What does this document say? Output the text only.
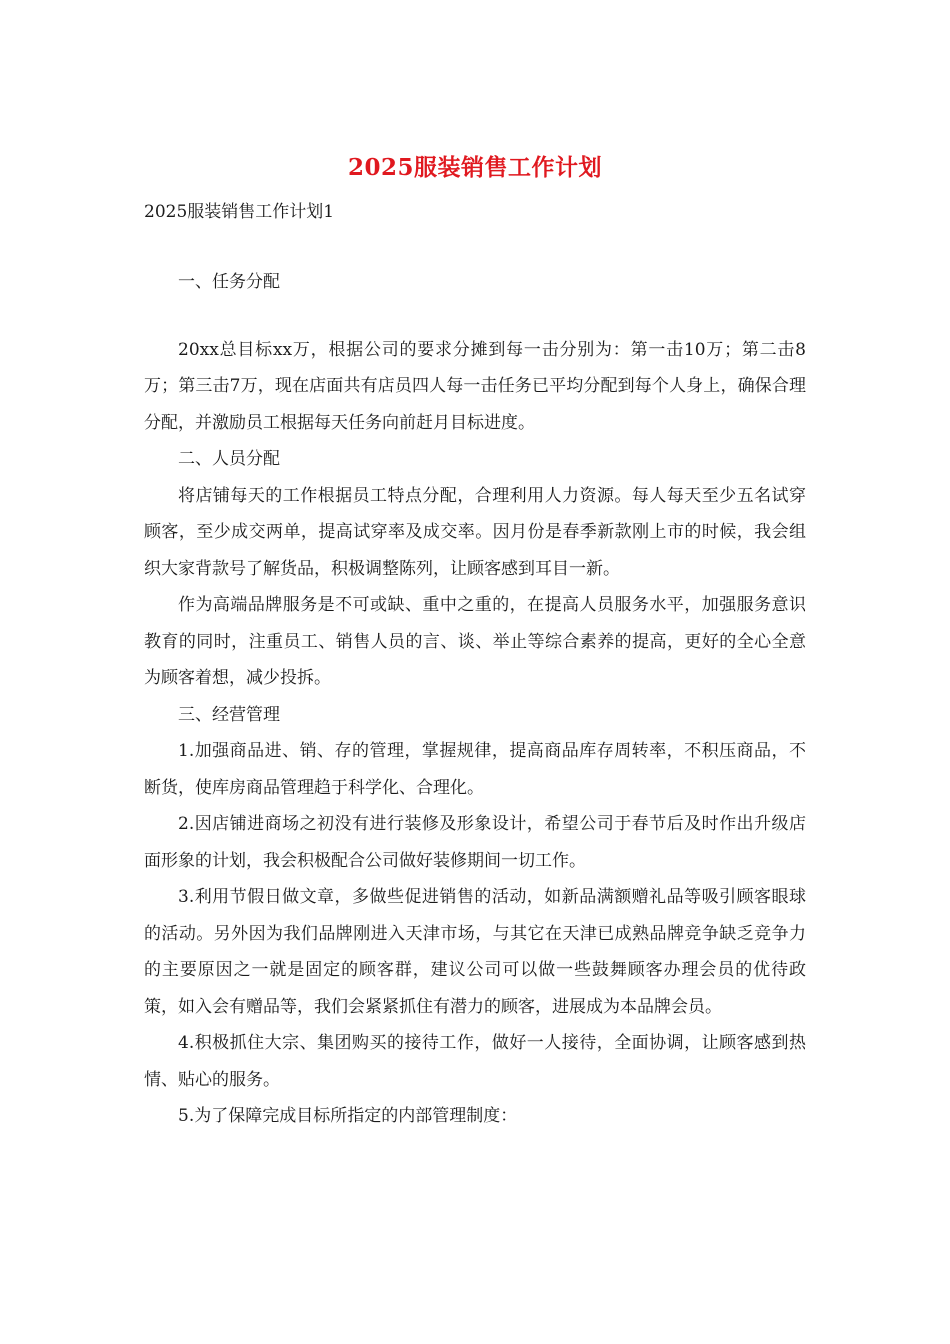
2025服装销售工作计划
2025服装销售工作计划1

一、任务分配

20xx总目标xx万，根据公司的要求分摊到每一击分别为：第一击10万；第二击8万；第三击7万，现在店面共有店员四人每一击任务已平均分配到每个人身上，确保合理分配，并激励员工根据每天任务向前赶月目标进度。

二、人员分配

将店铺每天的工作根据员工特点分配，合理利用人力资源。每人每天至少五名试穿顾客，至少成交两单，提高试穿率及成交率。因月份是春季新款刚上市的时候，我会组织大家背款号了解货品，积极调整陈列，让顾客感到耳目一新。

作为高端品牌服务是不可或缺、重中之重的，在提高人员服务水平，加强服务意识教育的同时，注重员工、销售人员的言、谈、举止等综合素养的提高，更好的全心全意为顾客着想，减少投拆。

三、经营管理

1.加强商品进、销、存的管理，掌握规律，提高商品库存周转率，不积压商品，不断货，使库房商品管理趋于科学化、合理化。

2.因店铺进商场之初没有进行装修及形象设计，希望公司于春节后及时作出升级店面形象的计划，我会积极配合公司做好装修期间一切工作。

3.利用节假日做文章，多做些促进销售的活动，如新品满额赠礼品等吸引顾客眼球的活动。另外因为我们品牌刚进入天津市场，与其它在天津已成熟品牌竞争缺乏竞争力的主要原因之一就是固定的顾客群，建议公司可以做一些鼓舞顾客办理会员的优待政策，如入会有赠品等，我们会紧紧抓住有潜力的顾客，进展成为本品牌会员。

4.积极抓住大宗、集团购买的接待工作，做好一人接待，全面协调，让顾客感到热情、贴心的服务。

5.为了保障完成目标所指定的内部管理制度：
